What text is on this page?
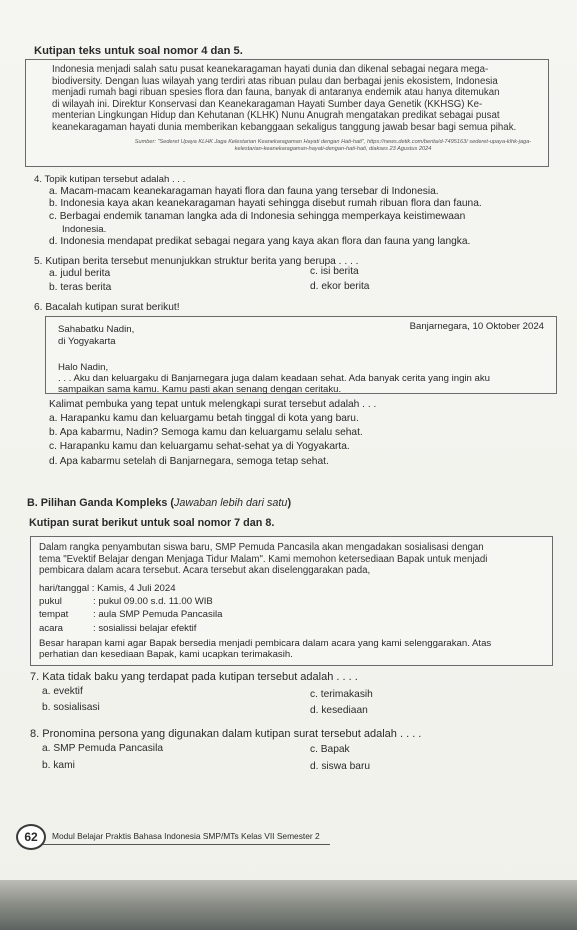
Kutipan teks untuk soal nomor 4 dan 5.
Indonesia menjadi salah satu pusat keanekaragaman hayati dunia dan dikenal sebagai negara mega-
biodiversity. Dengan luas wilayah yang terdiri atas ribuan pulau dan berbagai jenis ekosistem, Indonesia
menjadi rumah bagi ribuan spesies flora dan fauna, banyak di antaranya endemik atau hanya ditemukan
di wilayah ini. Direktur Konservasi dan Keanekaragaman Hayati Sumber daya Genetik (KKHSG) Ke-
menterian Lingkungan Hidup dan Kehutanan (KLHK) Nunu Anugrah mengatakan predikat sebagai pusat
keanekaragaman hayati dunia memberikan kebanggaan sekaligus tanggung jawab besar bagi semua pihak.
Sumber: "Sederet Upaya KLHK Jaga Kelestarian Keanekaragaman Hayati dengan Hati-hati", https://news.detik.com/berita/d-7495163/ sederet-upaya-klhk-jaga-kelestarian-keanekaragaman-hayati-dengan-hati-hati, diakses 23 Agustus 2024
4. Topik kutipan tersebut adalah . . .
a. Macam-macam keanekaragaman hayati flora dan fauna yang tersebar di Indonesia.
b. Indonesia kaya akan keanekaragaman hayati sehingga disebut rumah ribuan flora dan fauna.
c. Berbagai endemik tanaman langka ada di Indonesia sehingga memperkaya keistimewaan
Indonesia.
d. Indonesia mendapat predikat sebagai negara yang kaya akan flora dan fauna yang langka.
5. Kutipan berita tersebut menunjukkan struktur berita yang berupa . . . .
a. judul berita	c. isi berita
b. teras berita	d. ekor berita
6. Bacalah kutipan surat berikut!
Sahabatku Nadin,	Banjarnegara, 10 Oktober 2024
di Yogyakarta
Halo Nadin,
. . . Aku dan keluargaku di Banjarnegara juga dalam keadaan sehat. Ada banyak cerita yang ingin aku
sampaikan sama kamu. Kamu pasti akan senang dengan ceritaku.
Kalimat pembuka yang tepat untuk melengkapi surat tersebut adalah . . .
a. Harapanku kamu dan keluargamu betah tinggal di kota yang baru.
b. Apa kabarmu, Nadin? Semoga kamu dan keluargamu selalu sehat.
c. Harapanku kamu dan keluargamu sehat-sehat ya di Yogyakarta.
d. Apa kabarmu setelah di Banjarnegara, semoga tetap sehat.
B. Pilihan Ganda Kompleks (Jawaban lebih dari satu)
Kutipan surat berikut untuk soal nomor 7 dan 8.
Dalam rangka penyambutan siswa baru, SMP Pemuda Pancasila akan mengadakan sosialisasi dengan
tema "Evektif Belajar dengan Menjaga Tidur Malam". Kami memohon ketersediaan Bapak untuk menjadi
pembicara dalam acara tersebut. Acara tersebut akan diselenggarakan pada,
hari/tanggal : Kamis, 4 Juli 2024
pukul	: pukul 09.00 s.d. 11.00 WIB
tempat	: aula SMP Pemuda Pancasila
acara	: sosialissi belajar efektif
Besar harapan kami agar Bapak bersedia menjadi pembicara dalam acara yang kami selenggarakan. Atas
perhatian dan kesediaan Bapak, kami ucapkan terimakasih.
7. Kata tidak baku yang terdapat pada kutipan tersebut adalah . . . .
a. evektif	c. terimakasih
b. sosialisasi	d. kesediaan
8. Pronomina persona yang digunakan dalam kutipan surat tersebut adalah . . . .
a. SMP Pemuda Pancasila	c. Bapak
b. kami	d. siswa baru
Modul Belajar Praktis Bahasa Indonesia SMP/MTs Kelas VII Semester 2
62
